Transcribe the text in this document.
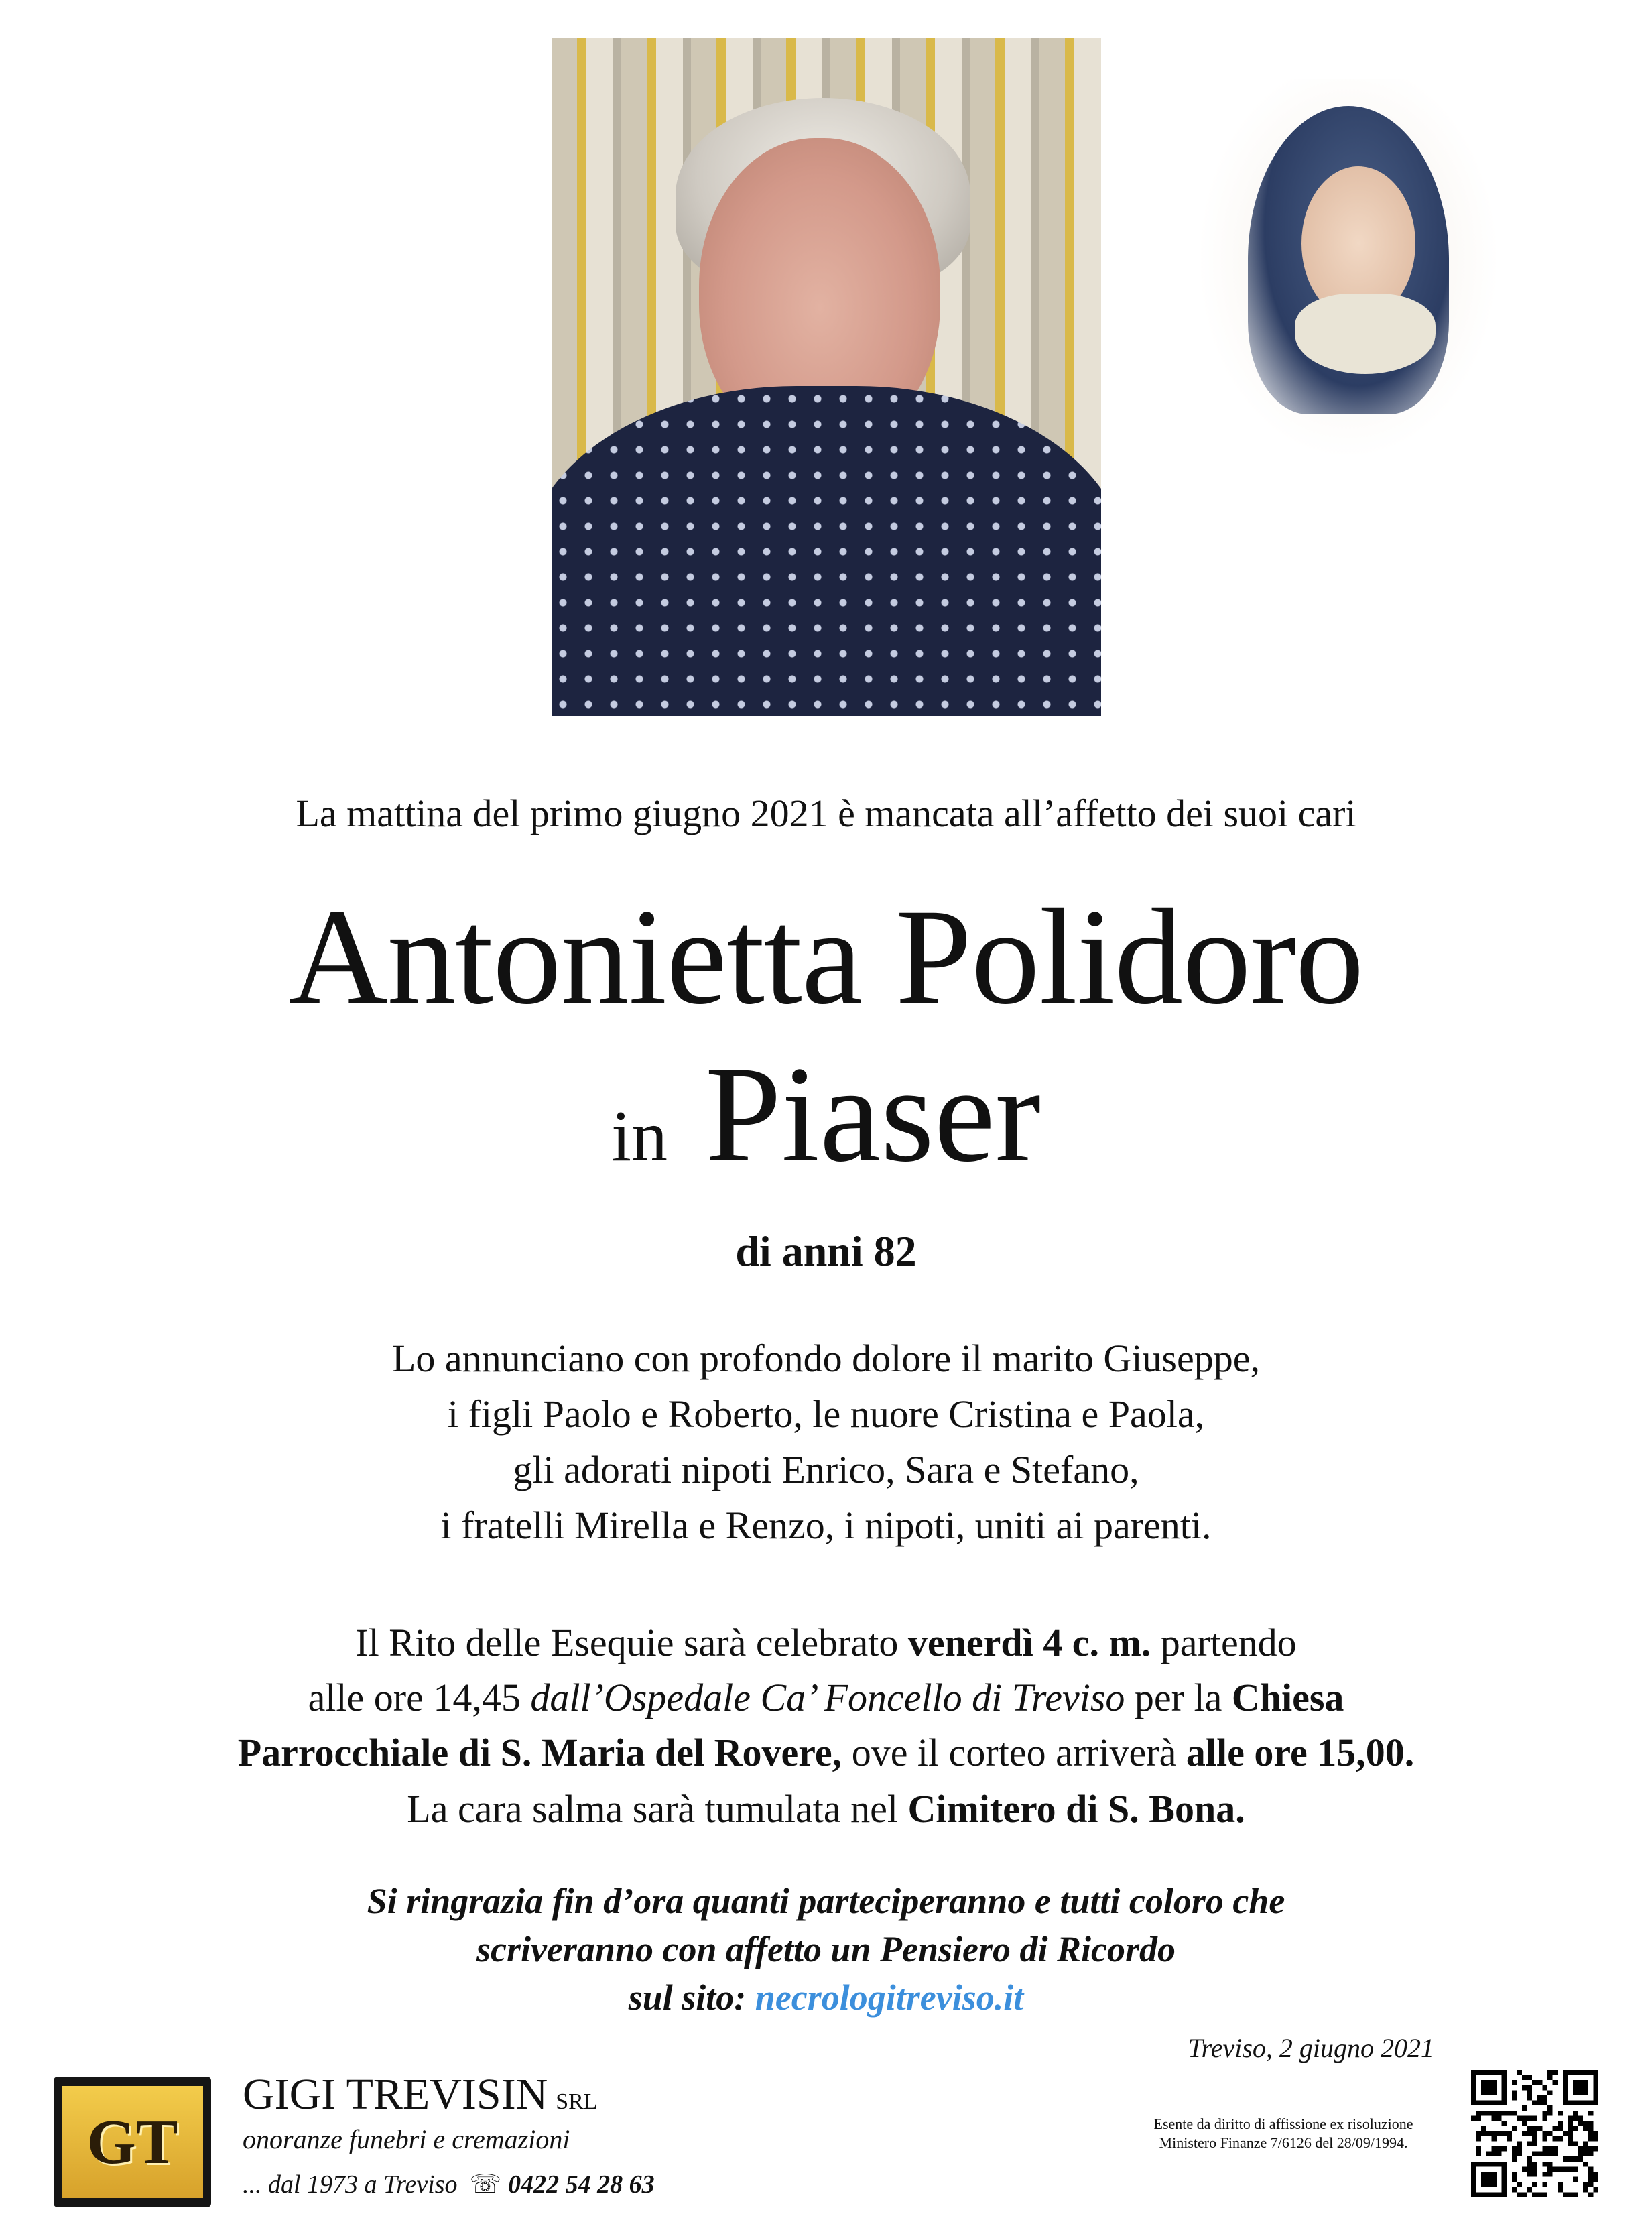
La mattina del primo giugno 2021 è mancata all’affetto dei suoi cari
Antonietta Polidoro
in Piaser
di anni 82
Lo annunciano con profondo dolore il marito Giuseppe,
i figli Paolo e Roberto, le nuore Cristina e Paola,
gli adorati nipoti Enrico, Sara e Stefano,
i fratelli Mirella e Renzo, i nipoti, uniti ai parenti.
Il Rito delle Esequie sarà celebrato venerdì 4 c. m. partendo
alle ore 14,45 dall’Ospedale Ca’ Foncello di Treviso per la Chiesa
Parrocchiale di S. Maria del Rovere, ove il corteo arriverà alle ore 15,00.
La cara salma sarà tumulata nel Cimitero di S. Bona.
Si ringrazia fin d’ora quanti parteciperanno e tutti coloro che
scriveranno con affetto un Pensiero di Ricordo
sul sito: necrologitreviso.it
Treviso, 2 giugno 2021
GT
GIGI TREVISIN SRL
onoranze funebri e cremazioni
... dal 1973 a Treviso ☏ 0422 54 28 63
Esente da diritto di affissione ex risoluzione
Ministero Finanze 7/6126 del 28/09/1994.
